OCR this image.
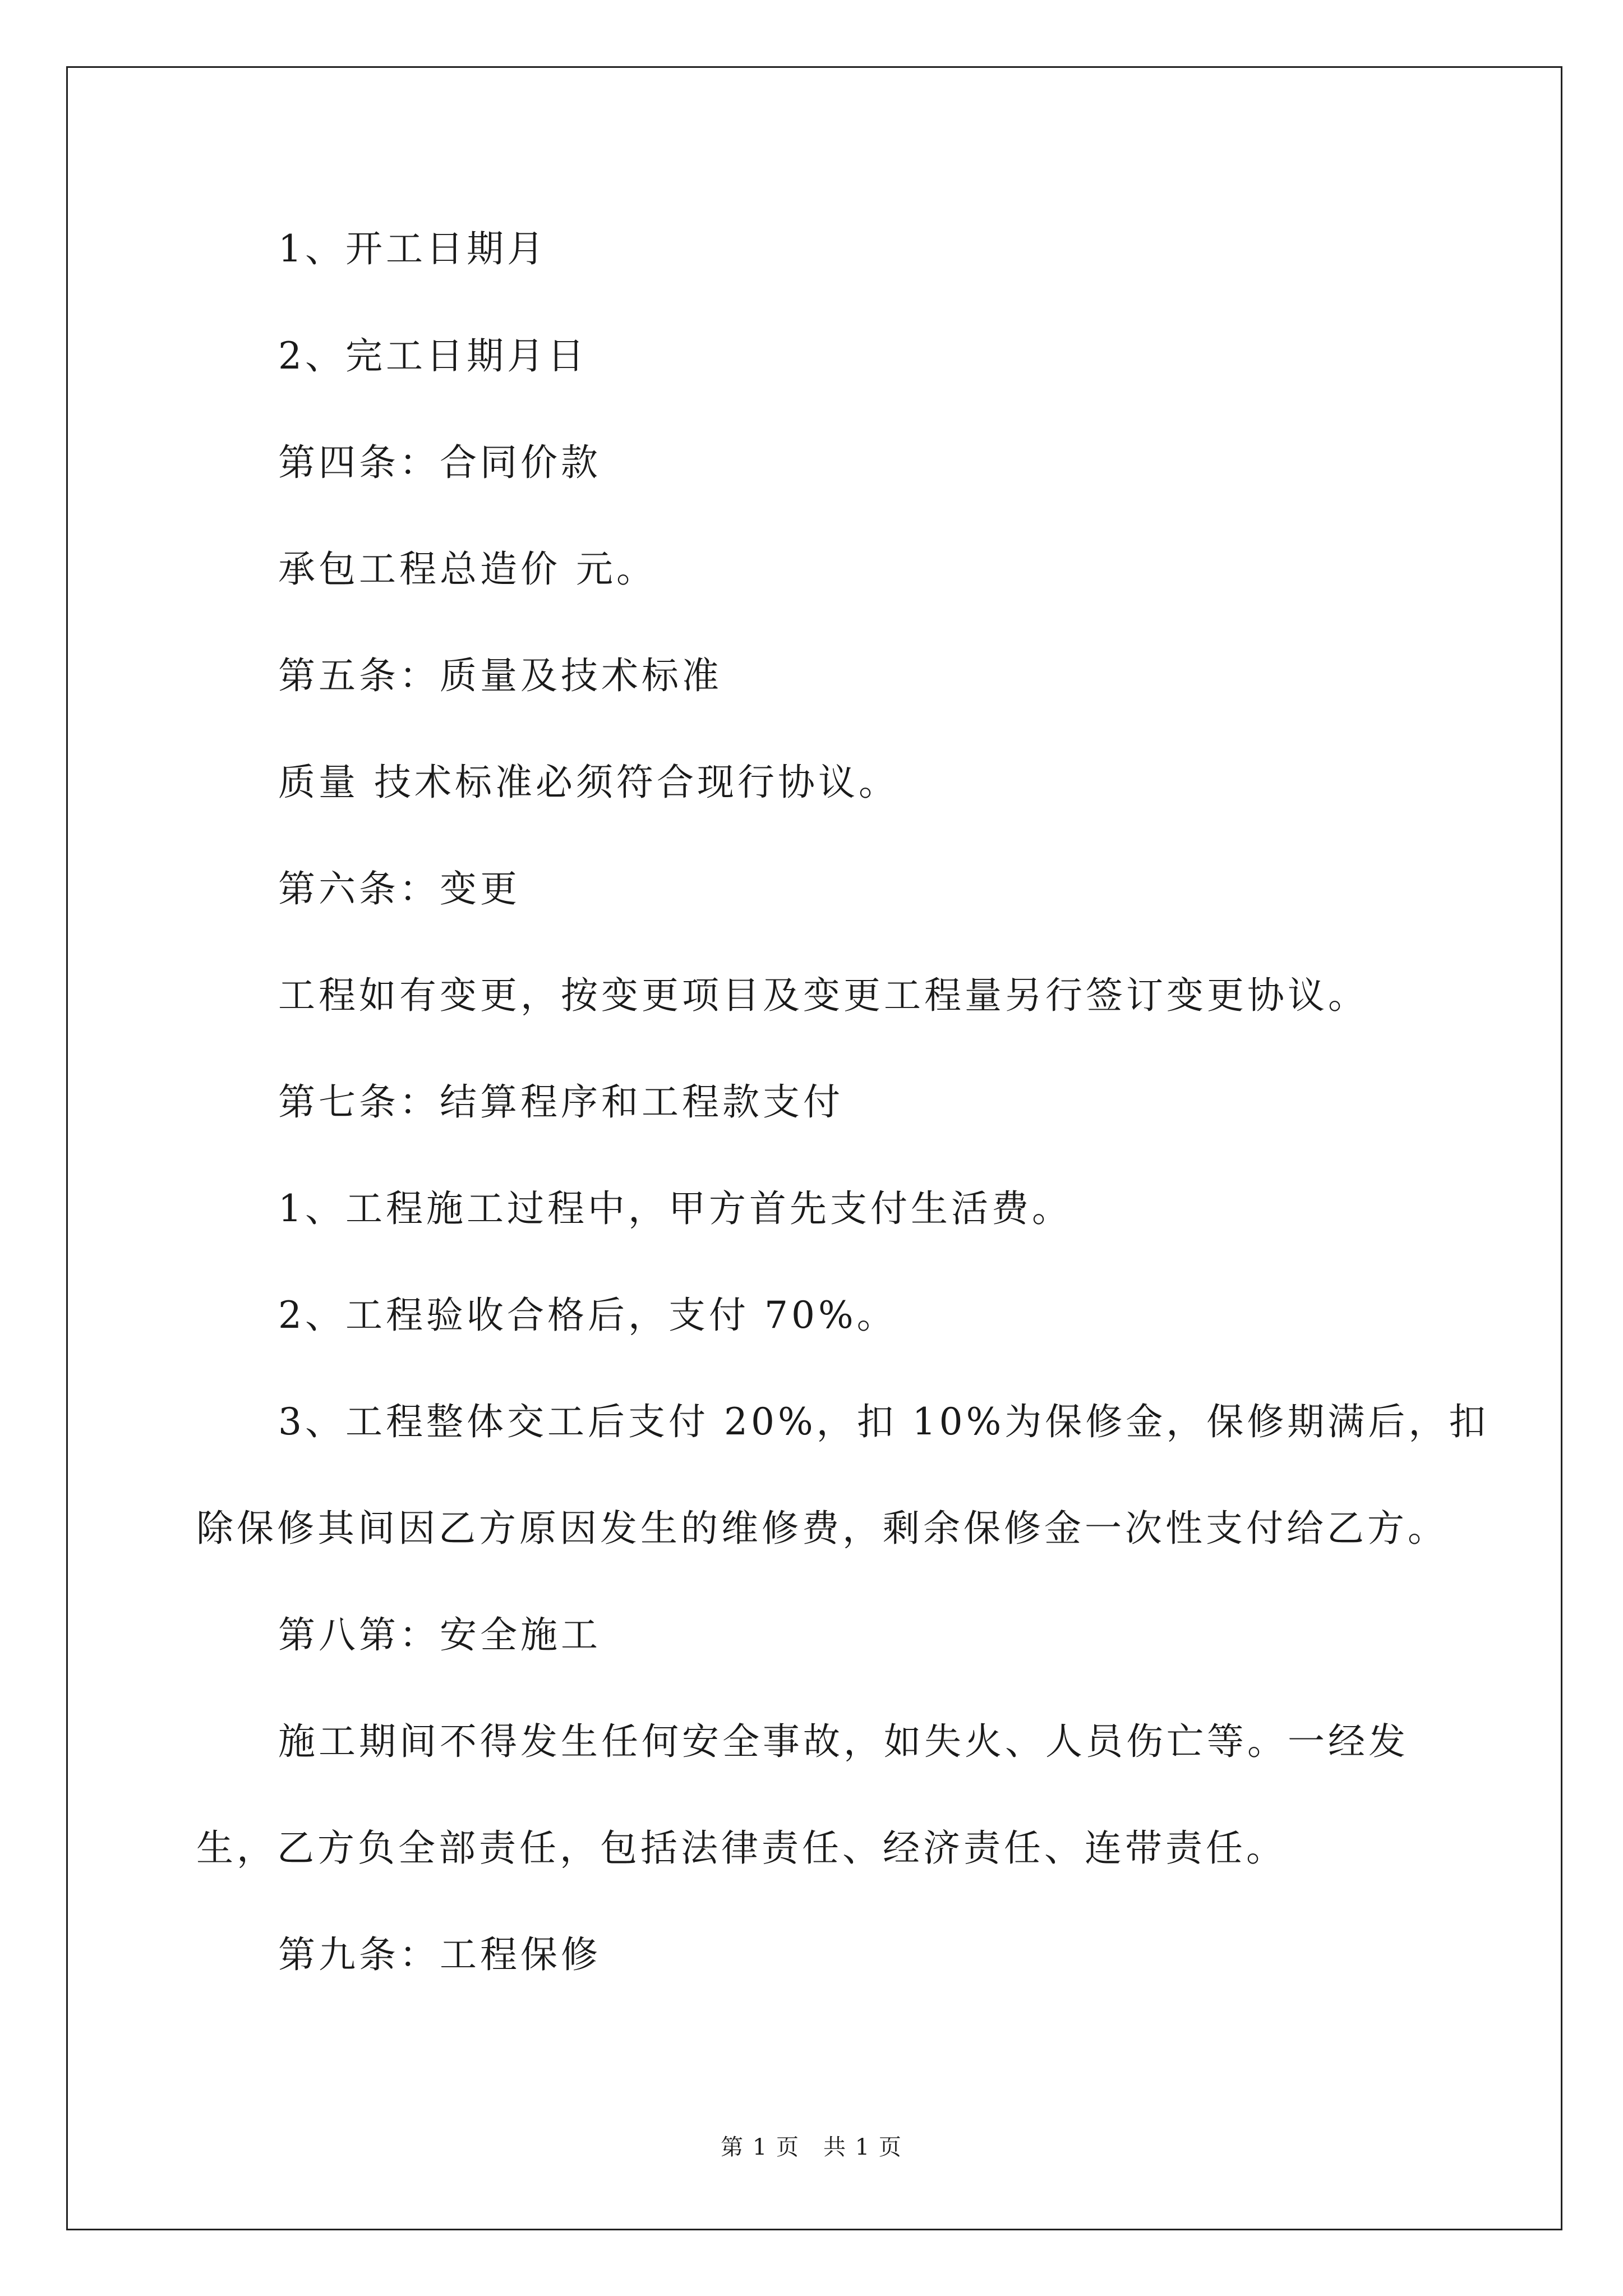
1、开工日期月
2、完工日期月日
第四条：合同价款
承包工程总造价 元。
第五条：质量及技术标准
质量 技术标准必须符合现行协议。
第六条：变更
工程如有变更，按变更项目及变更工程量另行签订变更协议。
第七条：结算程序和工程款支付
1、工程施工过程中，甲方首先支付生活费。
2、工程验收合格后，支付 70%。
3、工程整体交工后支付 20%，扣 10%为保修金，保修期满后，扣
除保修其间因乙方原因发生的维修费，剩余保修金一次性支付给乙方。
第八第：安全施工
施工期间不得发生任何安全事故，如失火、人员伤亡等。一经发
生，乙方负全部责任，包括法律责任、经济责任、连带责任。
第九条：工程保修
第 1 页　共 1 页
